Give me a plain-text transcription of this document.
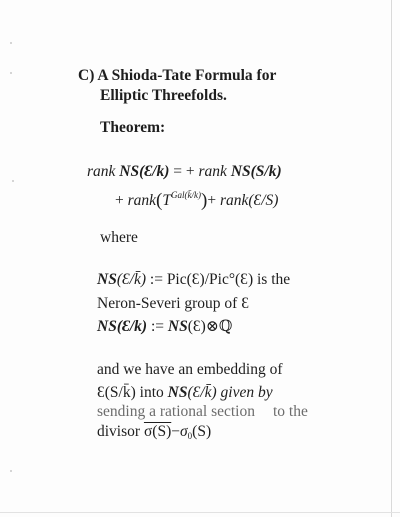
C) A Shioda-Tate Formula for
Elliptic Threefolds.
Theorem:
rank NS(Ɛ/k) = + rank NS(S/k)
+ $rank(T^{Gal(k̄/k)})+$ rank(Ɛ/S)
where
NS(Ɛ/k̄) := Pic(Ɛ)/Pic°(Ɛ) is the
Neron-Severi group of Ɛ
NS(Ɛ/k) := NS(Ɛ)⊗ℚ
and we have an embedding of
Ɛ(S/k̄) into NS(Ɛ/k̄) given by
sending a rational section to the
divisor $\sigma(S)-\sigma_0(S)$
